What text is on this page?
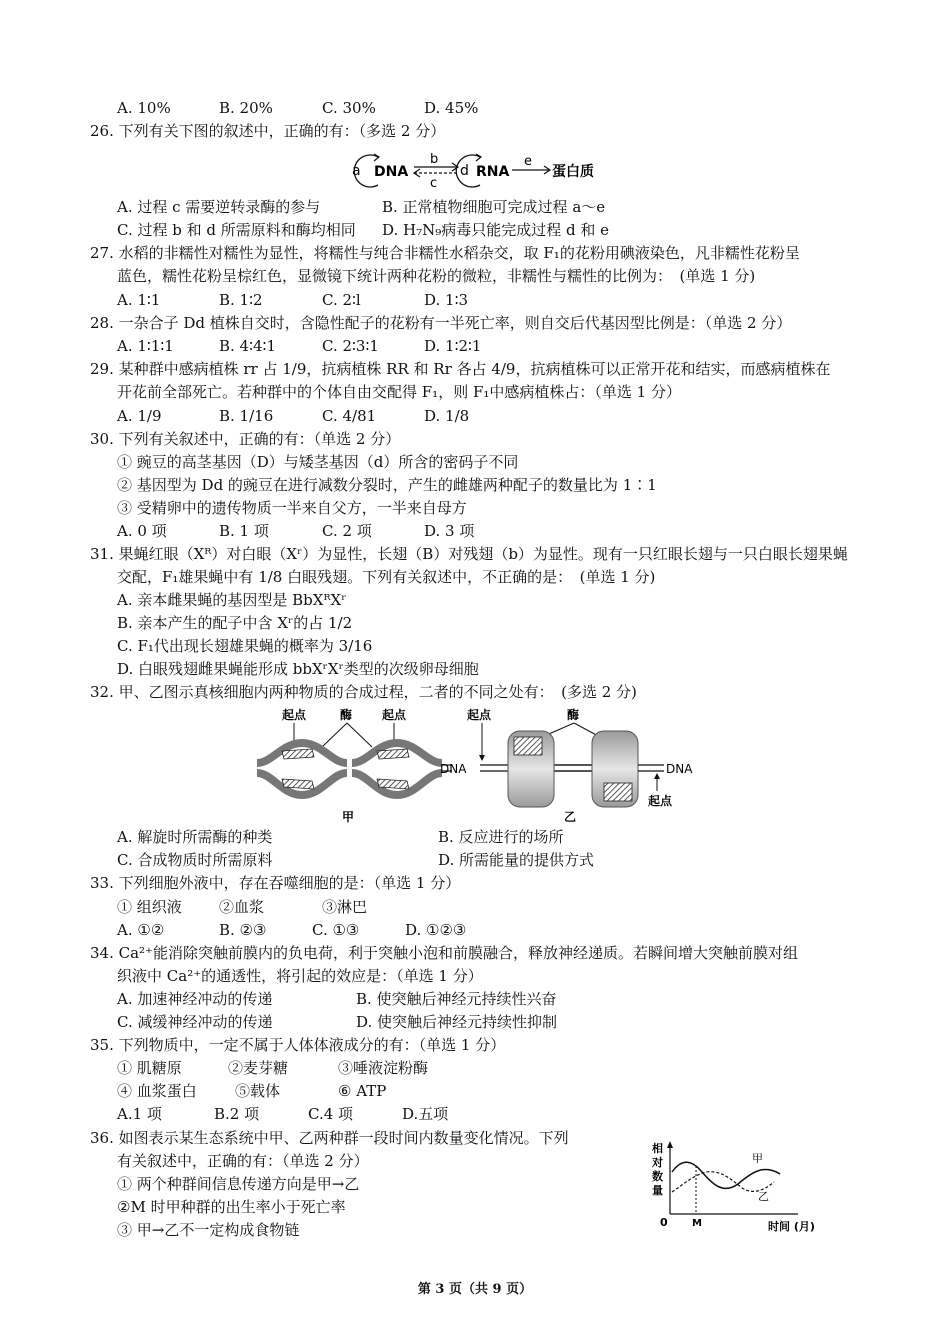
A. 10%	B. 20%	C. 30%	D. 45%
26. 下列有关下图的叙述中，正确的有：（多选 2 分）
a DNA
b
c
d RNA
e
蛋白质
A. 过程 c 需要逆转录酶的参与	B. 正常植物细胞可完成过程 a～e
C. 过程 b 和 d 所需原料和酶均相同 D. H₇N₉病毒只能完成过程 d 和 e
27. 水稻的非糯性对糯性为显性，将糯性与纯合非糯性水稻杂交，取 F₁的花粉用碘液染色，凡非糯性花粉呈
蓝色，糯性花粉呈棕红色，显微镜下统计两种花粉的微粒，非糯性与糯性的比例为：　(单选 1 分)
A. 1∶1	B. 1∶2	C. 2∶l	D. 1∶3
28. 一杂合子 Dd 植株自交时，含隐性配子的花粉有一半死亡率，则自交后代基因型比例是：（单选 2 分）
A. 1∶1∶1	B. 4∶4∶1	C. 2∶3∶1	D. 1∶2∶1
29. 某种群中感病植株 rr 占 1/9，抗病植株 RR 和 Rr 各占 4/9，抗病植株可以正常开花和结实，而感病植株在
开花前全部死亡。若种群中的个体自由交配得 F₁，则 F₁中感病植株占：（单选 1 分）
A. 1/9	B. 1/16	C. 4/81	D. 1/8
30. 下列有关叙述中，正确的有：（单选 2 分）
① 豌豆的高茎基因（D）与矮茎基因（d）所含的密码子不同
② 基因型为 Dd 的豌豆在进行减数分裂时，产生的雌雄两种配子的数量比为 1∶1
③ 受精卵中的遗传物质一半来自父方，一半来自母方
A. 0 项	B. 1 项	C. 2 项	D. 3 项
31. 果蝇红眼（Xᴿ）对白眼（Xʳ）为显性，长翅（B）对残翅（b）为显性。现有一只红眼长翅与一只白眼长翅果蝇
交配，F₁雄果蝇中有 1/8 白眼残翅。下列有关叙述中，不正确的是：　(单选 1 分)
A. 亲本雌果蝇的基因型是 BbXᴿXʳ
B. 亲本产生的配子中含 Xʳ的占 1/2
C. F₁代出现长翅雄果蝇的概率为 3/16
D. 白眼残翅雌果蝇能形成 bbXʳXʳ类型的次级卵母细胞
32. 甲、乙图示真核细胞内两种物质的合成过程，二者的不同之处有：　(多选 2 分)
起点	酶 起点
DNA
甲
起点	酶
DNA
起点
乙
A. 解旋时所需酶的种类	B. 反应进行的场所
C. 合成物质时所需原料	D. 所需能量的提供方式
33. 下列细胞外液中，存在吞噬细胞的是：（单选 1 分）
① 组织液 ②血浆	③淋巴
A. ①②	B. ②③	C. ①③	D. ①②③
34. Ca²⁺能消除突触前膜内的负电荷，利于突触小泡和前膜融合，释放神经递质。若瞬间增大突触前膜对组
织液中 Ca²⁺的通透性，将引起的效应是：（单选 1 分）
A. 加速神经冲动的传递	B. 使突触后神经元持续性兴奋
C. 减缓神经冲动的传递	D. 使突触后神经元持续性抑制
35. 下列物质中，一定不属于人体体液成分的有：（单选 1 分）
① 肌糖原	②麦芽糖	③唾液淀粉酶
④ 血浆蛋白	⑤载体	⑥ ATP
A.1 项	B.2 项	C.4 项	D.五项
36. 如图表示某生态系统中甲、乙两种群一段时间内数量变化情况。下列
有关叙述中，正确的有：（单选 2 分）
① 两个种群间信息传递方向是甲→乙
②M 时甲种群的出生率小于死亡率
③ 甲→乙不一定构成食物链
相
对
数
量
0 M	时间 (月)
甲
乙
第 3 页（共 9 页）
